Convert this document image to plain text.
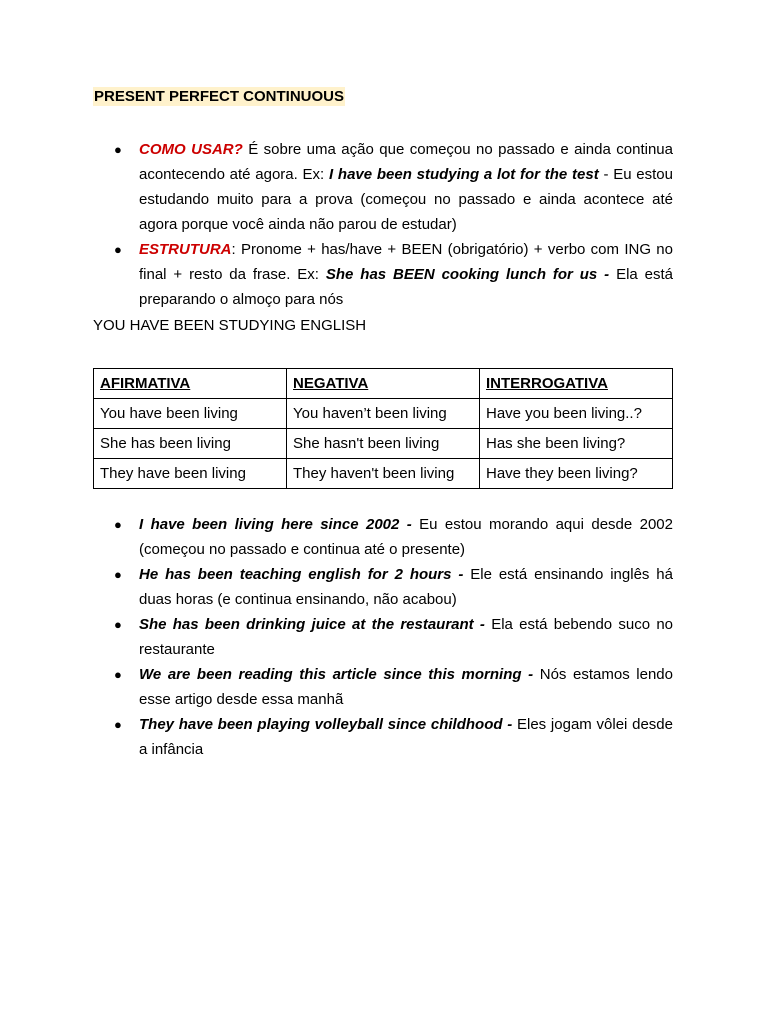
PRESENT PERFECT CONTINUOUS
● COMO USAR? É sobre uma ação que começou no passado e ainda continua acontecendo até agora. Ex: I have been studying a lot for the test - Eu estou estudando muito para a prova (começou no passado e ainda acontece até agora porque você ainda não parou de estudar)
● ESTRUTURA: Pronome + has/have + BEEN (obrigatório) + verbo com ING no final + resto da frase. Ex: She has BEEN cooking lunch for us - Ela está preparando o almoço para nós
YOU HAVE BEEN STUDYING ENGLISH
AFIRMATIVA	NEGATIVA	INTERROGATIVA
You have been living	You haven’t been living	Have you been living..?
She has been living	She hasn't been living	Has she been living?
They have been living	They haven't been living	Have they been living?
● I have been living here since 2002 - Eu estou morando aqui desde 2002 (começou no passado e continua até o presente)
● He has been teaching english for 2 hours - Ele está ensinando inglês há duas horas (e continua ensinando, não acabou)
● She has been drinking juice at the restaurant - Ela está bebendo suco no restaurante
● We are been reading this article since this morning - Nós estamos lendo esse artigo desde essa manhã
● They have been playing volleyball since childhood - Eles jogam vôlei desde a infância
